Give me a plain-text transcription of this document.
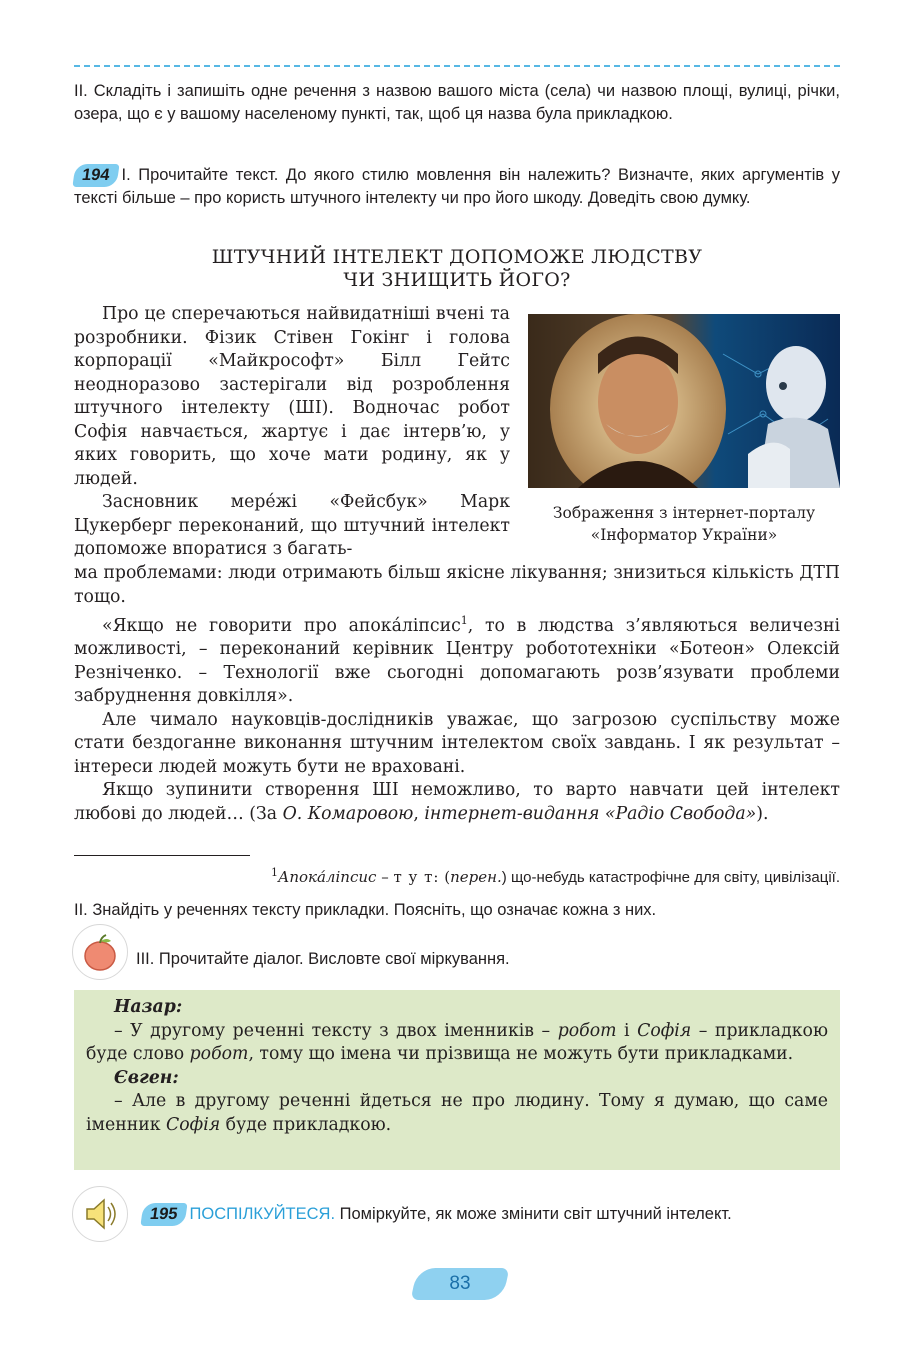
ІІ. Складіть і запишіть одне речення з назвою вашого міста (села) чи назвою площі, вулиці, річки, озера, що є у вашому населеному пункті, так, щоб ця назва була прикладкою.
194 І. Прочитайте текст. До якого стилю мовлення він належить? Визначте, яких аргументів у тексті більше – про користь штучного інтелекту чи про його шкоду. Доведіть свою думку.
ШТУЧНИЙ ІНТЕЛЕКТ ДОПОМОЖЕ ЛЮДСТВУ
ЧИ ЗНИЩИТЬ ЙОГО?

Про це сперечаються найвидатніші вчені та розробники. Фізик Стівен Гокінг і голова корпорації «Майкрософт» Білл Гейтс неодноразово застерігали від розроблення штучного інтелекту (ШІ). Водночас робот Софія навчається, жартує і дає інтерв’ю, у яких говорить, що хоче мати родину, як у людей.

Засновник мере́жі «Фейсбук» Марк Цукерберг переконаний, що штучний інтелект допоможе впоратися з багать-

Зображення з інтернет-порталу
«Інформатор України»

ма проблемами: люди отримають більш якісне лікування; знизиться кількість ДТП тощо.

«Якщо не говорити про апока́ліпсис$^1$, то в людства з’являються величезні можливості, – переконаний керівник Центру робототехніки «Ботеон» Олексій Резніченко. – Технології вже сьогодні допомагають розв’язувати проблеми забруднення довкілля».

Але чимало науковців-дослідників уважає, що загрозою суспільству може стати бездоганне виконання штучним інтелектом своїх завдань. І як результат – інтереси людей можуть бути не враховані.

Якщо зупинити створення ШІ неможливо, то варто навчати цей інтелект любові до людей… (За О. Комаровою, інтернет-видання «Радіо Свобода»).

$^1$Апока́ліпсис – т у т: (перен.) що-небудь катастрофічне для світу, цивілізації.
ІІ. Знайдіть у реченнях тексту прикладки. Поясніть, що означає кожна з них.
ІІІ. Прочитайте діалог. Висловте свої міркування.

Назар:

– У другому реченні тексту з двох іменників – робот і Софія – прикладкою буде слово робот, тому що імена чи прізвища не можуть бути прикладками.

Євген:

– Але в другому реченні йдеться не про людину. Тому я думаю, що саме іменник Софія буде прикладкою.

195 ПОСПІЛКУЙТЕСЯ. Поміркуйте, як може змінити світ штучний інтелект.
83
